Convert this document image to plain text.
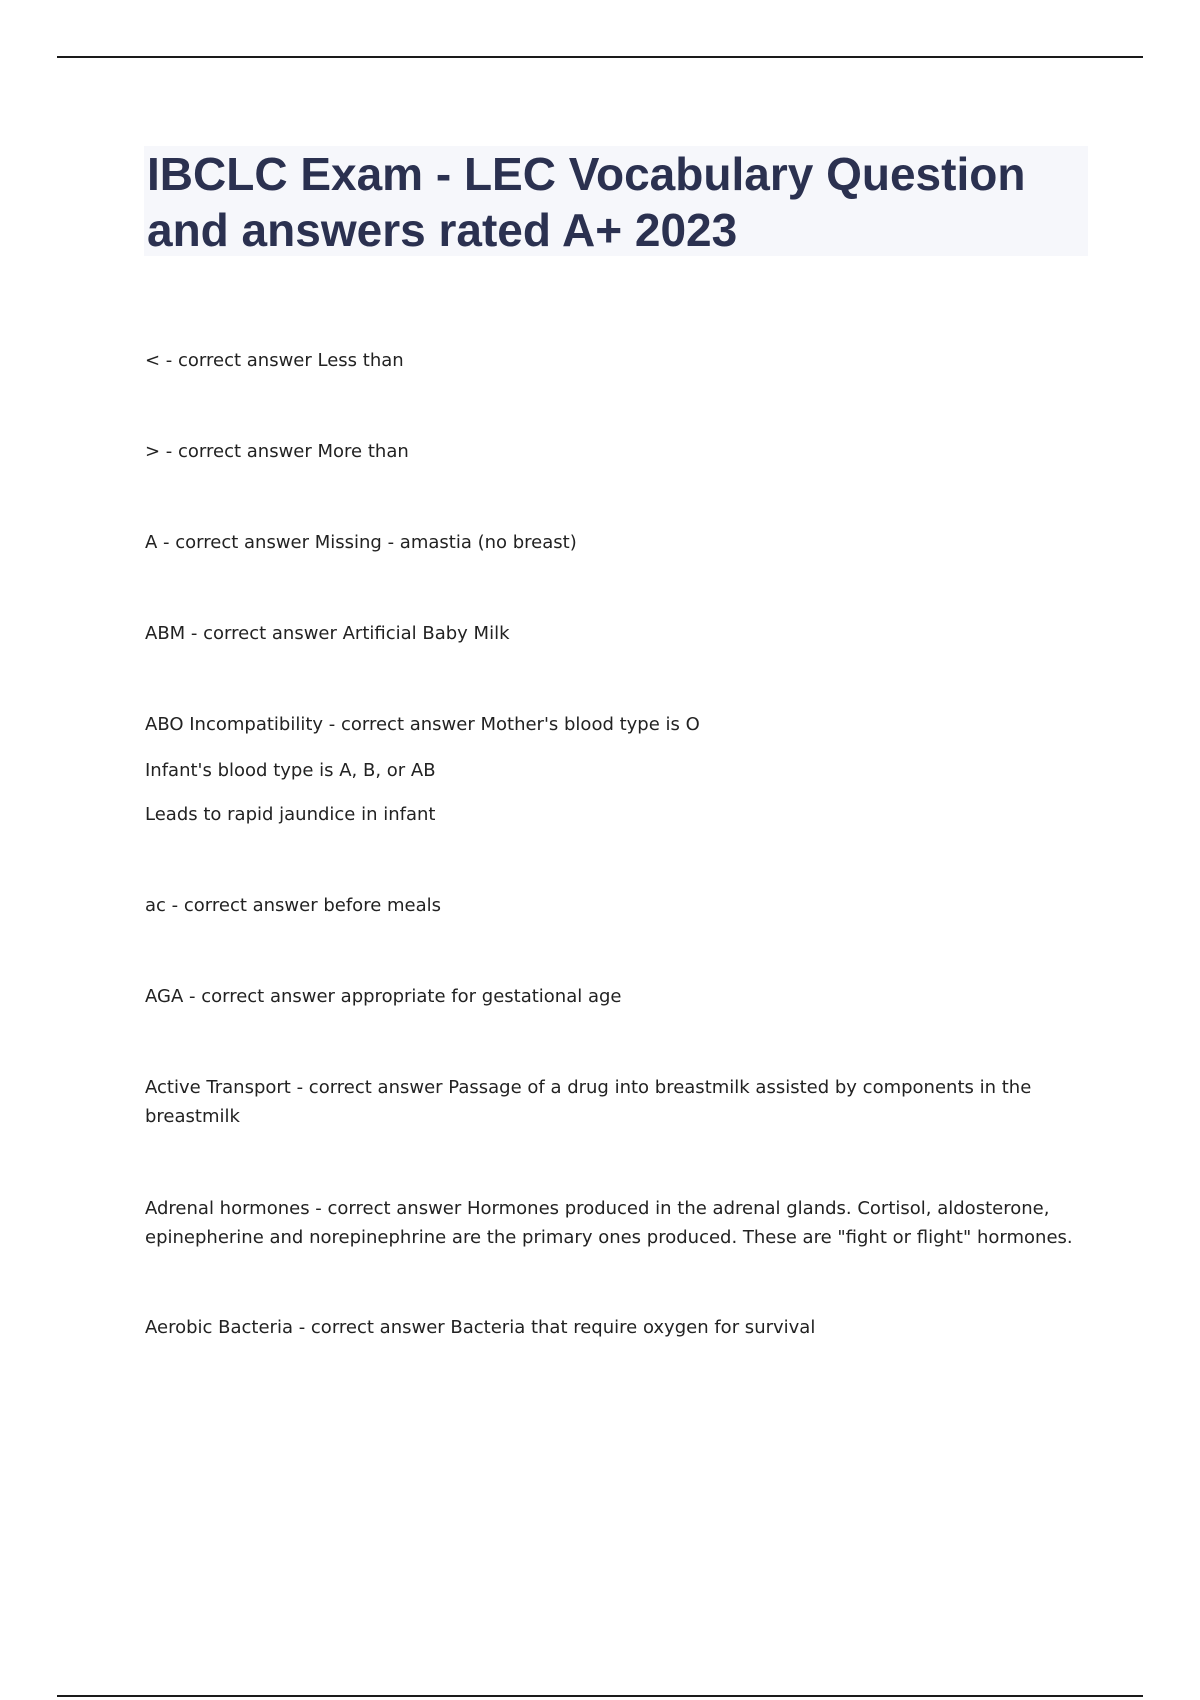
IBCLC Exam - LEC Vocabulary Question
and answers rated A+ 2023
< - correct answer Less than
> - correct answer More than
A - correct answer Missing - amastia (no breast)
ABM - correct answer Artificial Baby Milk
ABO Incompatibility - correct answer Mother's blood type is O
Infant's blood type is A, B, or AB
Leads to rapid jaundice in infant
ac - correct answer before meals
AGA - correct answer appropriate for gestational age
Active Transport - correct answer Passage of a drug into breastmilk assisted by components in the
breastmilk
Adrenal hormones - correct answer Hormones produced in the adrenal glands. Cortisol, aldosterone,
epinepherine and norepinephrine are the primary ones produced. These are "fight or flight" hormones.
Aerobic Bacteria - correct answer Bacteria that require oxygen for survival
